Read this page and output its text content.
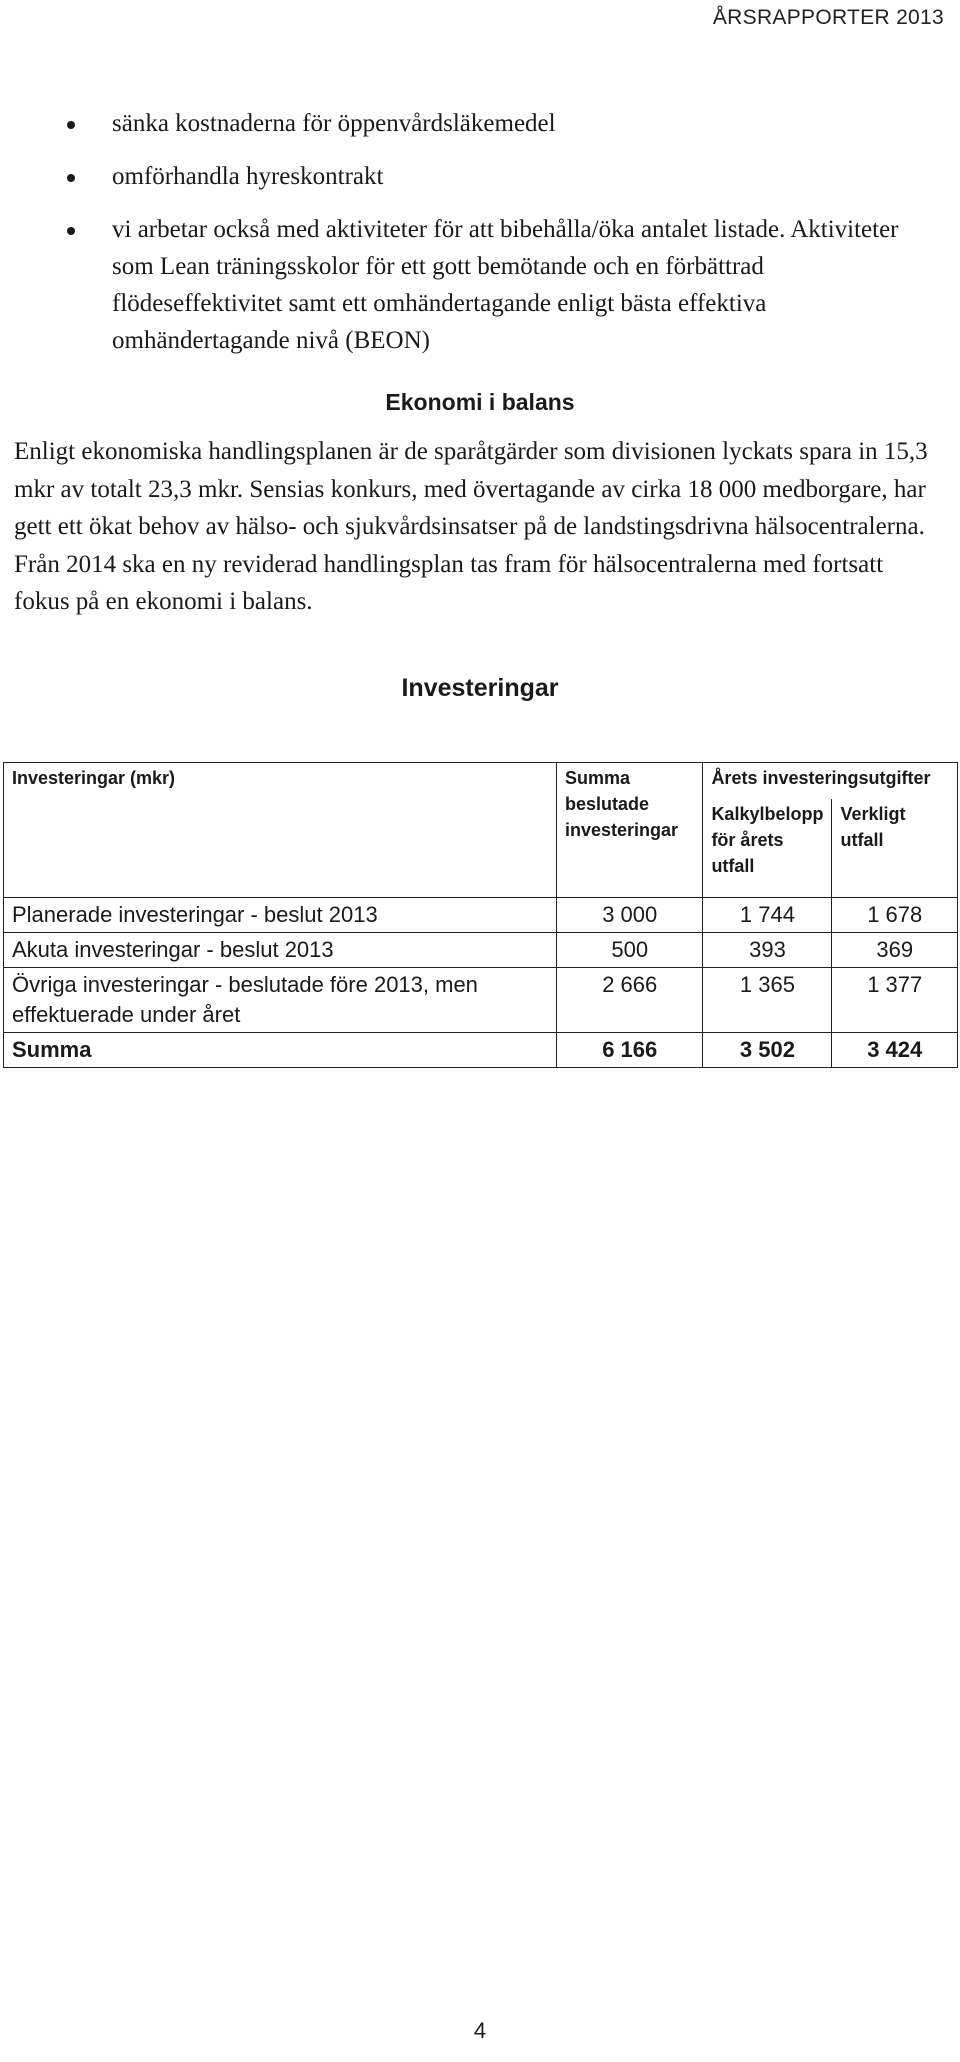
ÅRSRAPPORTER 2013
sänka kostnaderna för öppenvårdsläkemedel
omförhandla hyreskontrakt
vi arbetar också med aktiviteter för att bibehålla/öka antalet listade. Aktiviteter som Lean träningsskolor för ett gott bemötande och en förbättrad flödeseffektivitet samt ett omhändertagande enligt bästa effektiva omhändertagande nivå (BEON)
Ekonomi i balans

Enligt ekonomiska handlingsplanen är de sparåtgärder som divisionen lyckats spara in 15,3 mkr av totalt 23,3 mkr. Sensias konkurs, med övertagande av cirka 18 000 medborgare, har gett ett ökat behov av hälso- och sjukvårdsinsatser på de landstingsdrivna hälsocentralerna. Från 2014 ska en ny reviderad handlingsplan tas fram för hälsocentralerna med fortsatt fokus på en ekonomi i balans.

Investeringar
Investeringar (mkr)	Summa beslutade investeringar	Årets investeringsutgifter	
		Kalkylbelopp för årets utfall	Verkligt utfall
Planerade investeringar - beslut 2013	3 000	1 744	1 678
Akuta investeringar - beslut 2013	500	393	369
Övriga investeringar - beslutade före 2013, men effektuerade under året	2 666	1 365	1 377
Summa	6 166	3 502	3 424
4
